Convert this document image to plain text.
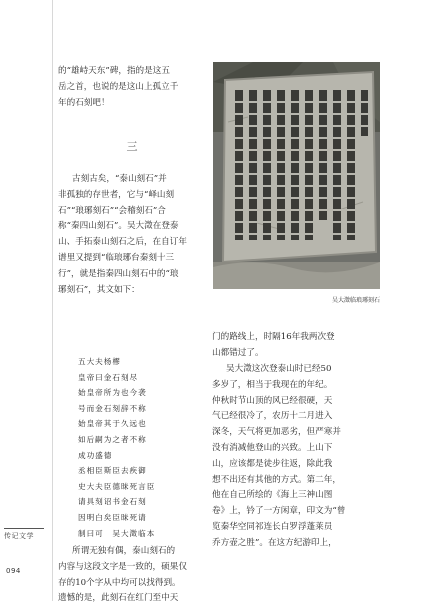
传记文学
094
的“雄峙天东”碑，指的是这五
岳之首，也说的是这山上孤立千
年的石刻吧！
三
古刻古矣，“泰山刻石”并
非孤独的存世者，它与“峄山刻
石”“琅琊刻石”“会稽刻石”合
称“秦四山刻石”。吴大澂在登泰
山、手拓泰山刻石之后，在自订年
谱里又提到“临琅琊台秦刻十三
行”，就是指秦四山刻石中的“琅
琊刻石”，其文如下：
五大夫杨樛
皇帝曰金石刻尽
始皇帝所为也今袭
号而金石刻辞不称
始皇帝其于久远也
如后嗣为之者不称
成功盛德
丞相臣斯臣去疾御
史大夫臣德昧死言臣
请具刻诏书金石刻
因明白矣臣昧死请
制曰可　吴大澂临本
所谓无独有偶，泰山刻石的
内容与这段文字是一致的，硕果仅
存的10个字从中均可以找得到。
遗憾的是，此刻石在红门至中天
吴大澂临琅琊刻石
门的路线上，时隔16年我两次登
山都错过了。
吴大澂这次登泰山时已经50
多岁了，相当于我现在的年纪。
仲秋时节山顶的风已经很硬，天
气已经很冷了，农历十二月进入
深冬，天气将更加恶劣，但严寒并
没有消减他登山的兴致。上山下
山，应该都是徒步往返，除此我
想不出还有其他的方式。第二年，
他在自己所绘的《海上三神山图
卷》上，钤了一方闲章，印文为“曾
览秦华空同祁连长白罗浮蓬莱员
乔方壶之胜”。在这方纪游印上，
